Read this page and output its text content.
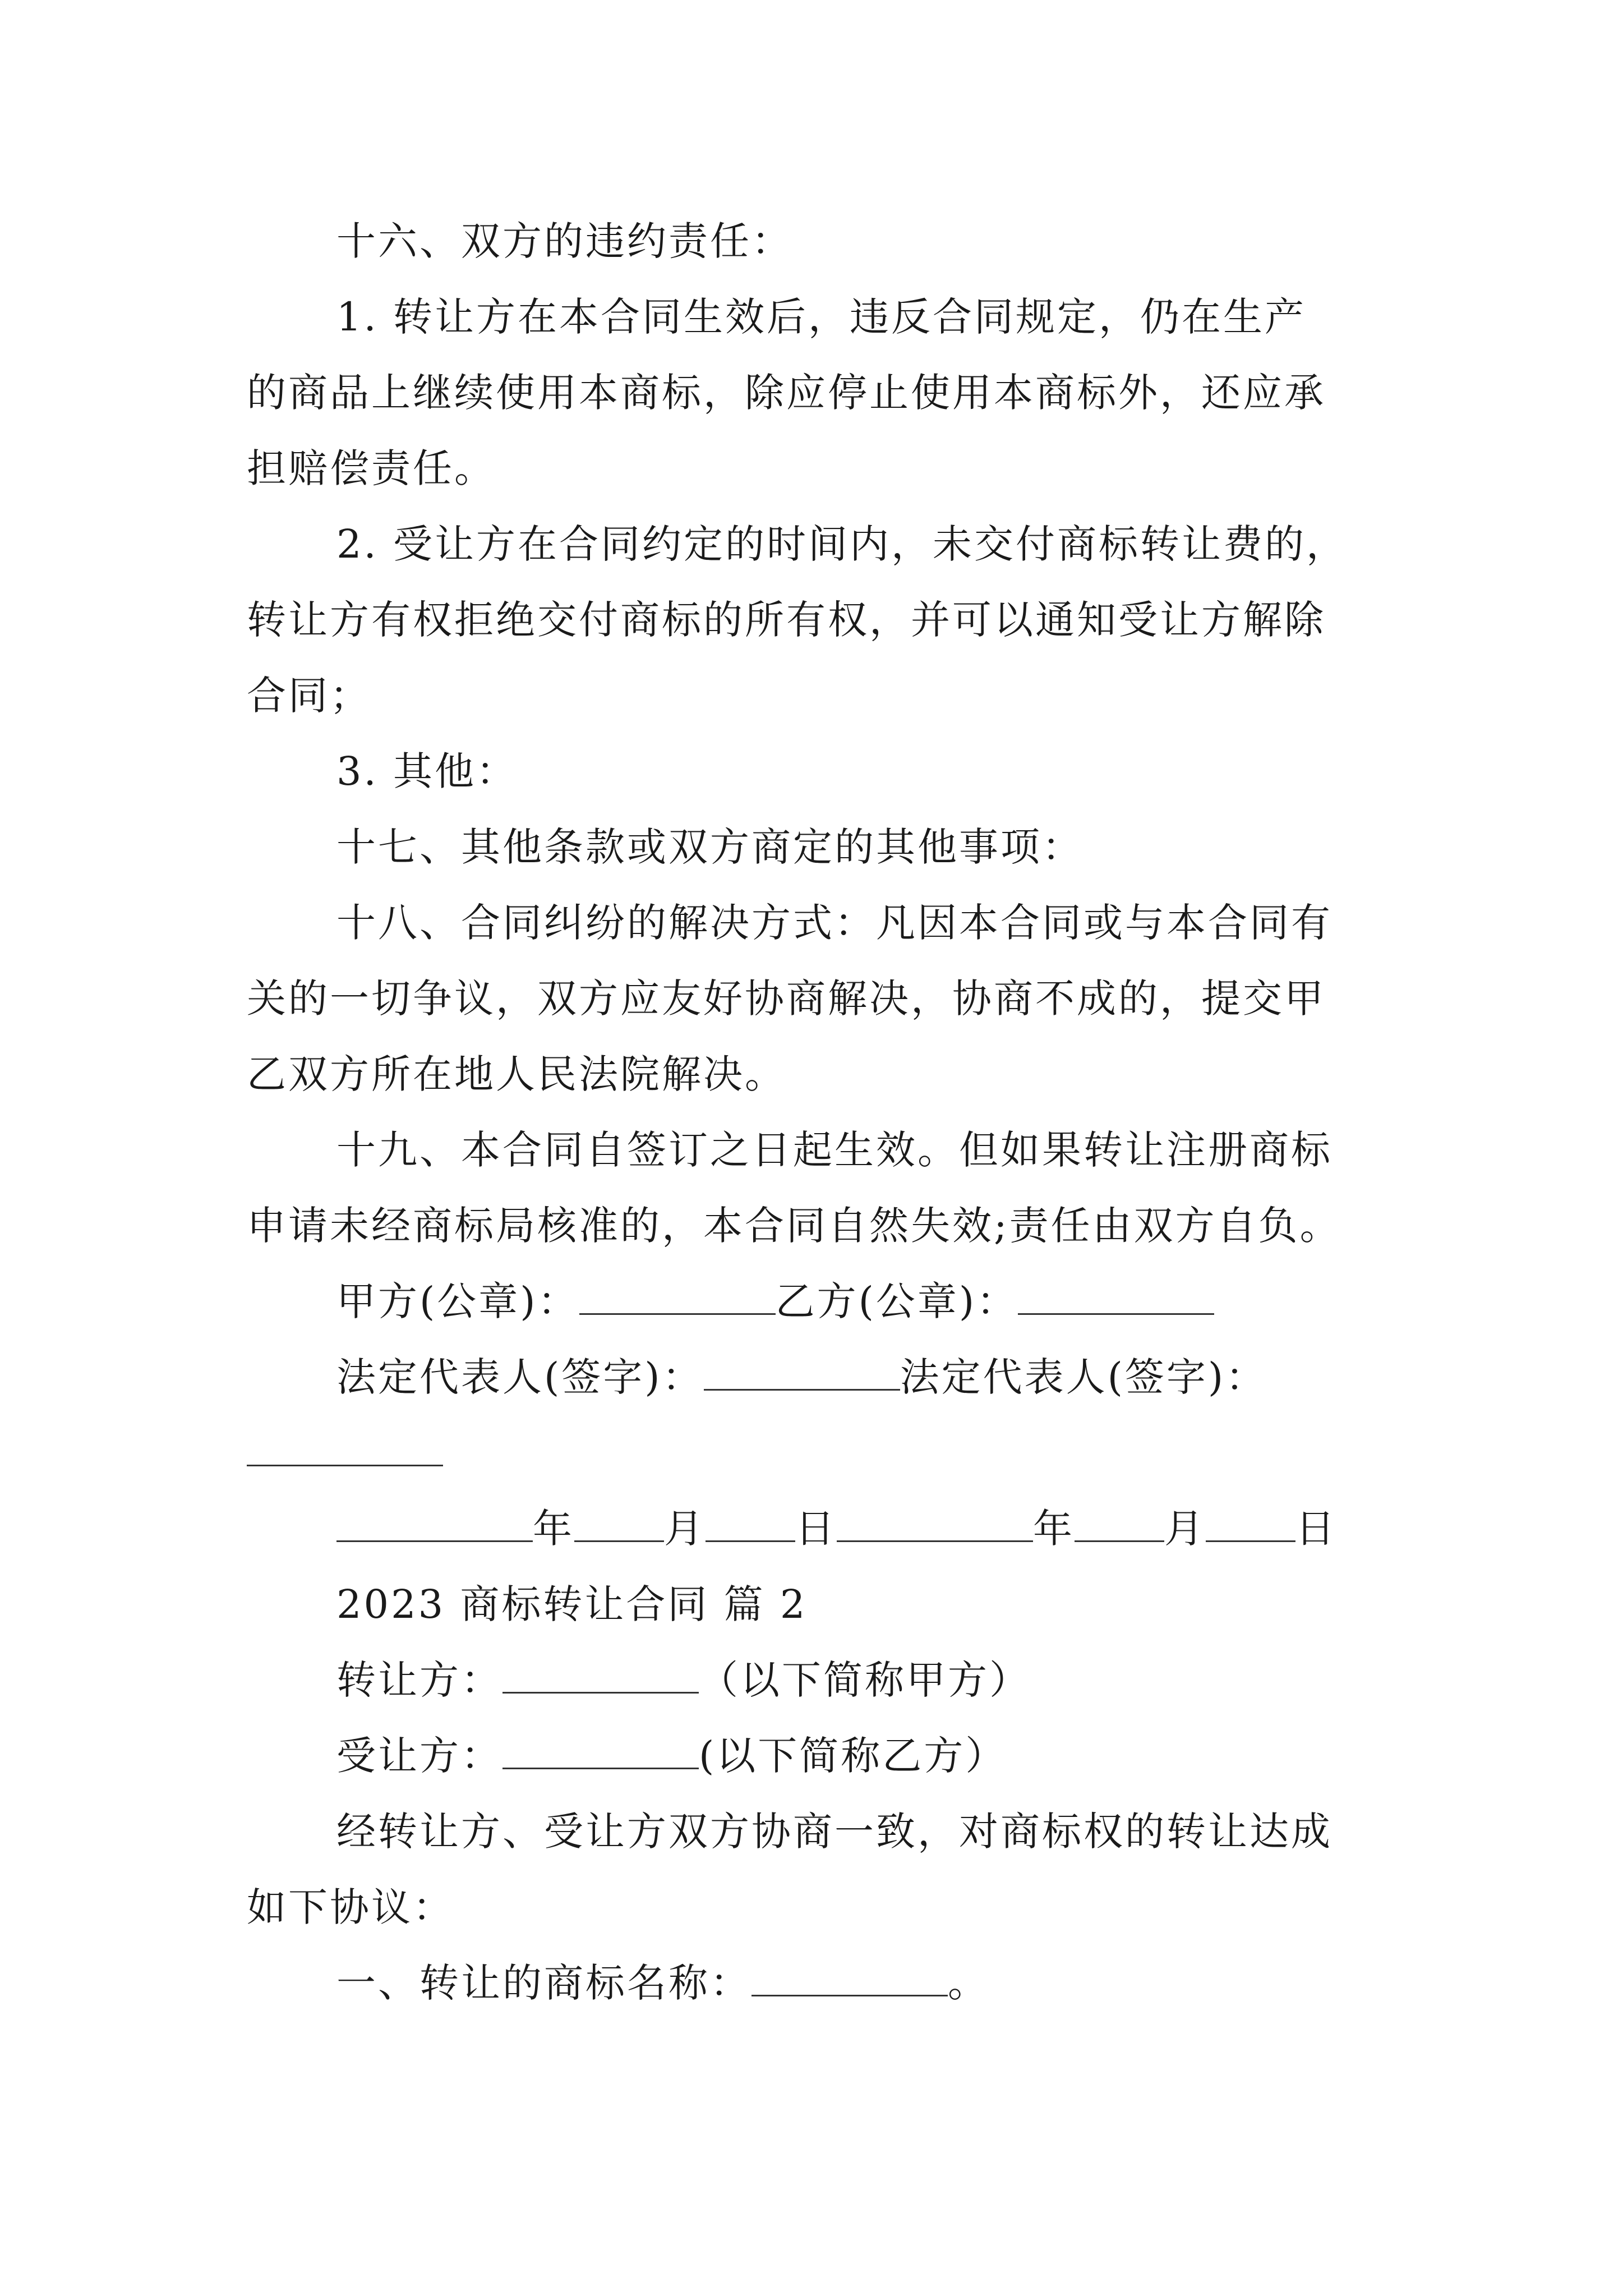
十六、双方的违约责任：
1. 转让方在本合同生效后，违反合同规定，仍在生产
的商品上继续使用本商标，除应停止使用本商标外，还应承
担赔偿责任。
2. 受让方在合同约定的时间内，未交付商标转让费的，
转让方有权拒绝交付商标的所有权，并可以通知受让方解除
合同；
3. 其他：
十七、其他条款或双方商定的其他事项：
十八、合同纠纷的解决方式：凡因本合同或与本合同有
关的一切争议，双方应友好协商解决，协商不成的，提交甲
乙双方所在地人民法院解决。
十九、本合同自签订之日起生效。但如果转让注册商标
申请未经商标局核准的，本合同自然失效;责任由双方自负。
甲方(公章)：	乙方(公章)：
法定代表人(签字)：	法定代表人(签字)：
年 月 日	年 月 日
2023 商标转让合同 篇 2
转让方：	（以下简称甲方）
受让方：	(以下简称乙方）
经转让方、受让方双方协商一致，对商标权的转让达成
如下协议：
一、转让的商标名称：	。
